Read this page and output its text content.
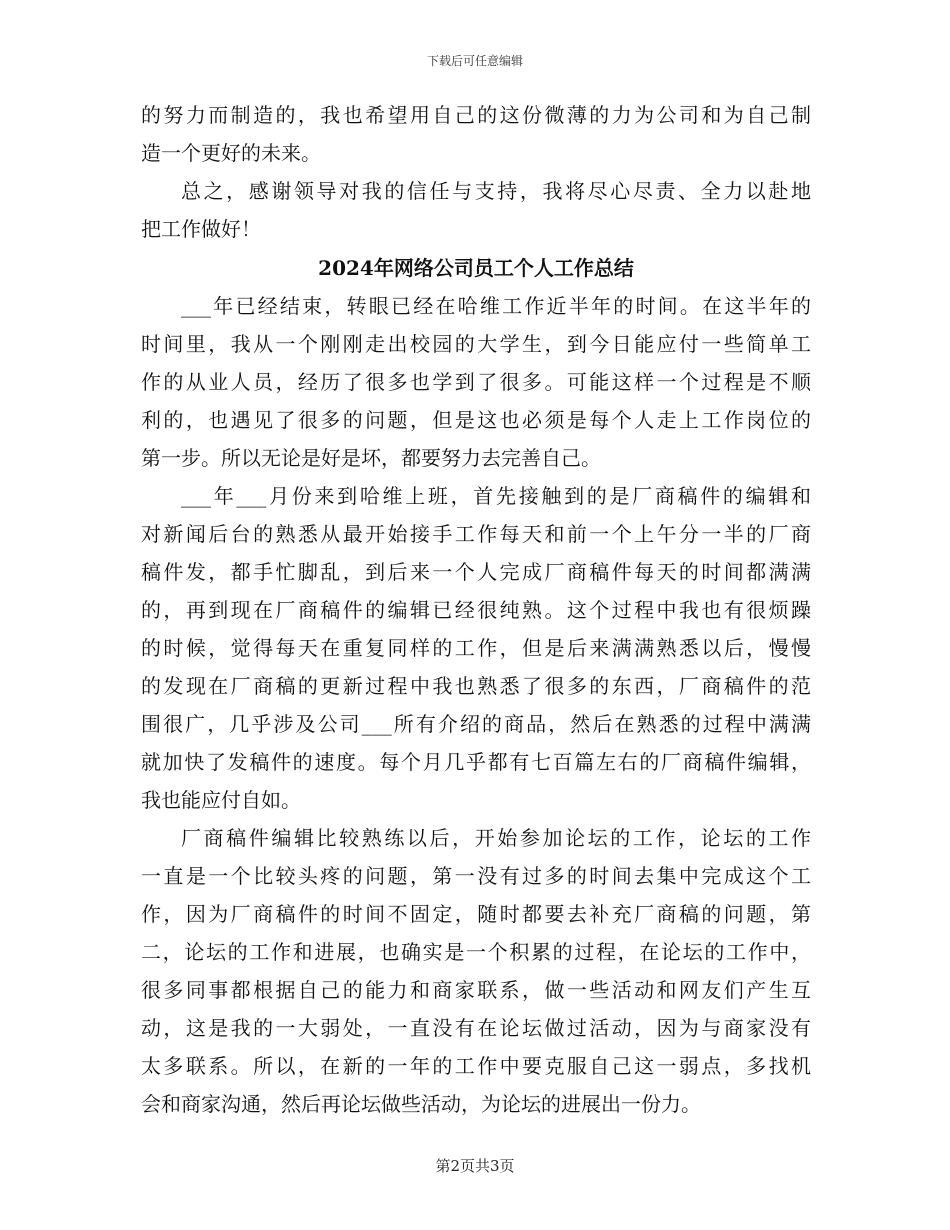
下载后可任意编辑
的努力而制造的，我也希望用自己的这份微薄的力为公司和为自己制
造一个更好的未来。
总之，感谢领导对我的信任与支持，我将尽心尽责、全力以赴地
把工作做好！
2024年网络公司员工个人工作总结
___年已经结束，转眼已经在哈维工作近半年的时间。在这半年的
时间里，我从一个刚刚走出校园的大学生，到今日能应付一些简单工
作的从业人员，经历了很多也学到了很多。可能这样一个过程是不顺
利的，也遇见了很多的问题，但是这也必须是每个人走上工作岗位的
第一步。所以无论是好是坏，都要努力去完善自己。
___年___月份来到哈维上班，首先接触到的是厂商稿件的编辑和
对新闻后台的熟悉从最开始接手工作每天和前一个上午分一半的厂商
稿件发，都手忙脚乱，到后来一个人完成厂商稿件每天的时间都满满
的，再到现在厂商稿件的编辑已经很纯熟。这个过程中我也有很烦躁
的时候，觉得每天在重复同样的工作，但是后来满满熟悉以后，慢慢
的发现在厂商稿的更新过程中我也熟悉了很多的东西，厂商稿件的范
围很广，几乎涉及公司___所有介绍的商品，然后在熟悉的过程中满满
就加快了发稿件的速度。每个月几乎都有七百篇左右的厂商稿件编辑，
我也能应付自如。
厂商稿件编辑比较熟练以后，开始参加论坛的工作，论坛的工作
一直是一个比较头疼的问题，第一没有过多的时间去集中完成这个工
作，因为厂商稿件的时间不固定，随时都要去补充厂商稿的问题，第
二，论坛的工作和进展，也确实是一个积累的过程，在论坛的工作中，
很多同事都根据自己的能力和商家联系，做一些活动和网友们产生互
动，这是我的一大弱处，一直没有在论坛做过活动，因为与商家没有
太多联系。所以，在新的一年的工作中要克服自己这一弱点，多找机
会和商家沟通，然后再论坛做些活动，为论坛的进展出一份力。
第2页共3页
